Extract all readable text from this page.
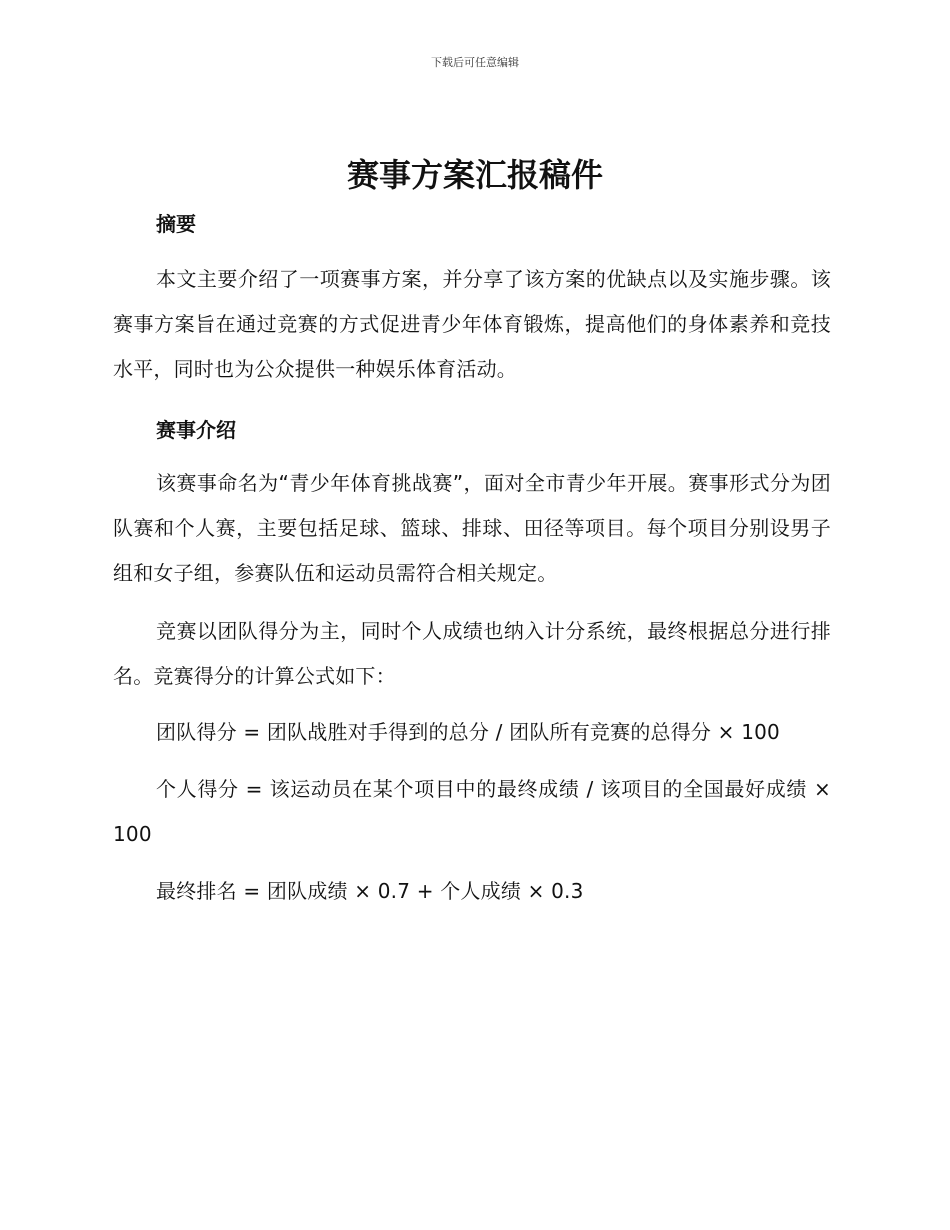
下载后可任意编辑
赛事方案汇报稿件
摘要

本文主要介绍了一项赛事方案，并分享了该方案的优缺点以及实施步骤。该赛事方案旨在通过竞赛的方式促进青少年体育锻炼，提高他们的身体素养和竞技水平，同时也为公众提供一种娱乐体育活动。

赛事介绍

该赛事命名为“青少年体育挑战赛”，面对全市青少年开展。赛事形式分为团队赛和个人赛，主要包括足球、篮球、排球、田径等项目。每个项目分别设男子组和女子组，参赛队伍和运动员需符合相关规定。

竞赛以团队得分为主，同时个人成绩也纳入计分系统，最终根据总分进行排名。竞赛得分的计算公式如下：

团队得分 = 团队战胜对手得到的总分 / 团队所有竞赛的总得分 × 100

个人得分 = 该运动员在某个项目中的最终成绩 / 该项目的全国最好成绩 × 100

最终排名 = 团队成绩 × 0.7 + 个人成绩 × 0.3
